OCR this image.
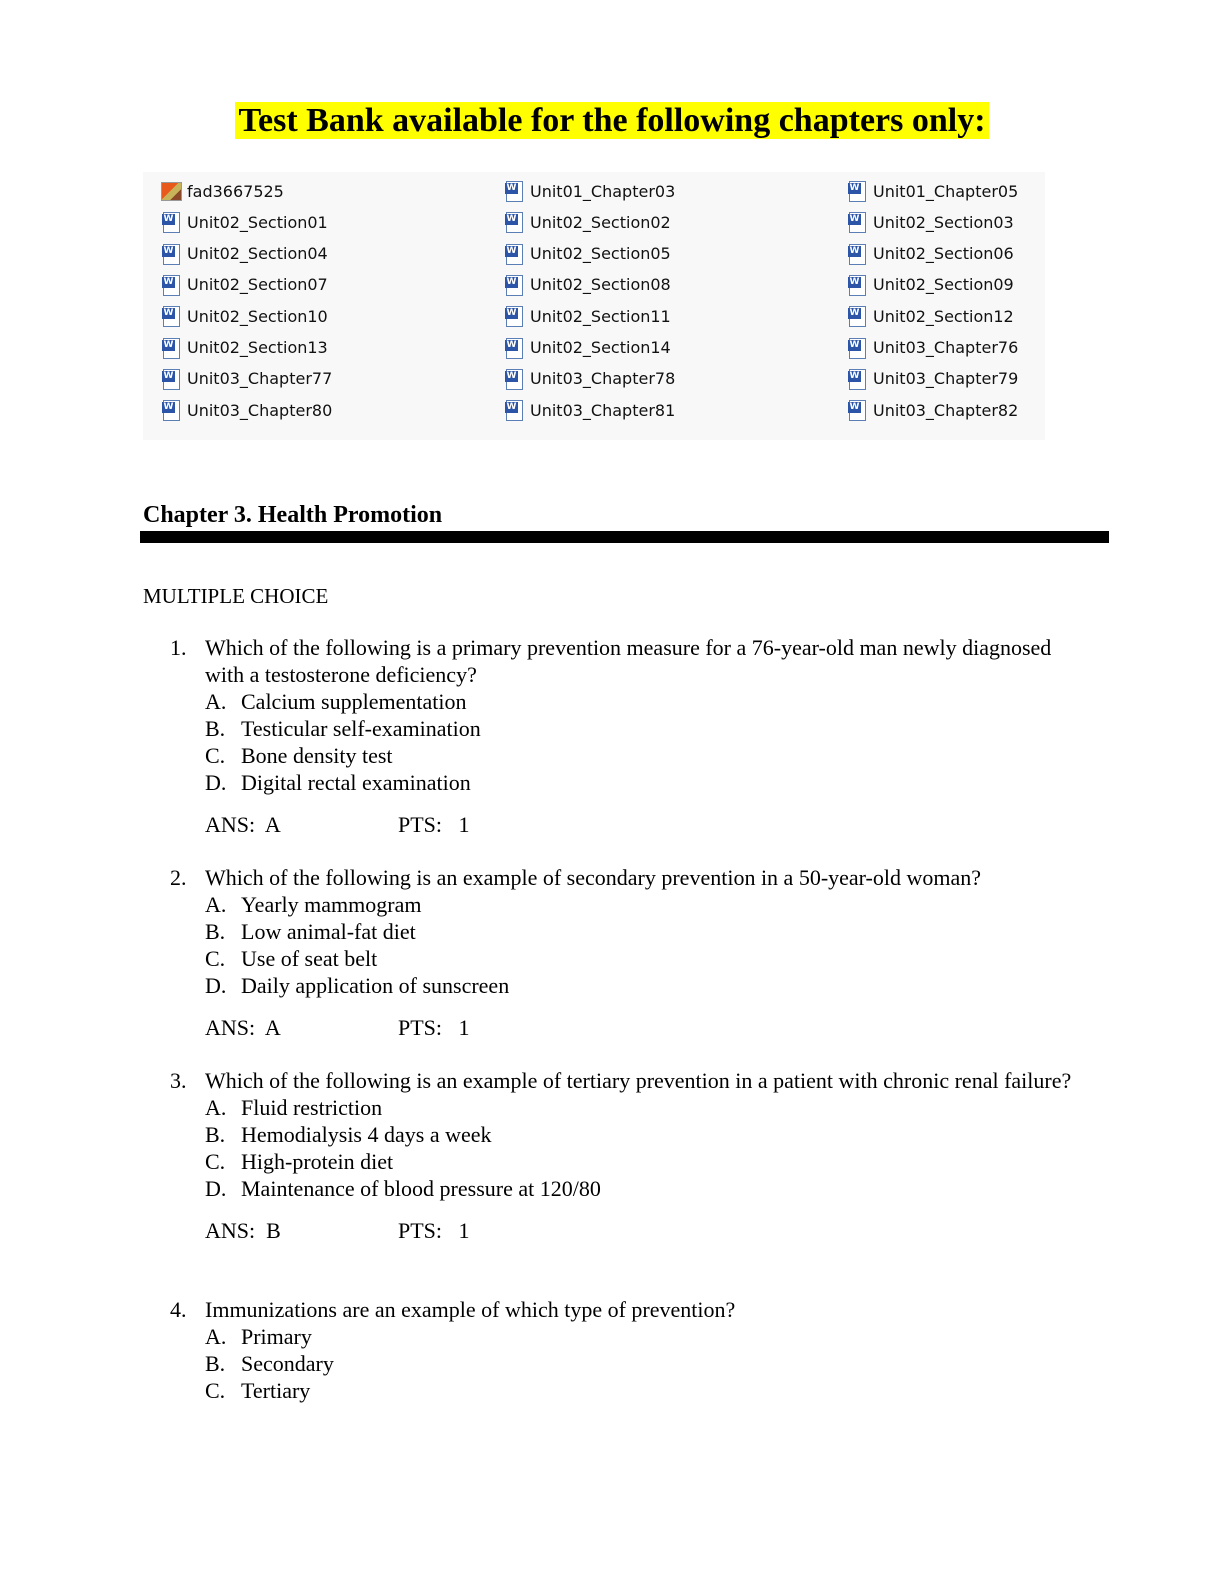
Test Bank available for the following chapters only:
fad3667525 W	Unit01_Chapter03 W	Unit01_Chapter05
W
Unit02_Section01 W	Unit02_Section02 W	Unit02_Section03
W
Unit02_Section04 W	Unit02_Section05 W	Unit02_Section06
W
Unit02_Section07 W	Unit02_Section08 W	Unit02_Section09
W
Unit02_Section10 W	Unit02_Section11 W	Unit02_Section12
W
Unit02_Section13 W	Unit02_Section14 W	Unit03_Chapter76
W
Unit03_Chapter77 W	Unit03_Chapter78 W	Unit03_Chapter79
W
Unit03_Chapter80 W	Unit03_Chapter81 W	Unit03_Chapter82
Chapter 3. Health Promotion
MULTIPLE CHOICE
1. Which of the following is a primary prevention measure for a 76-year-old man newly diagnosed with a testosterone deficiency?
A. Calcium supplementation
B. Testicular self-examination
C. Bone density test
D. Digital rectal examination
ANS:  A	PTS:   1
2. Which of the following is an example of secondary prevention in a 50-year-old woman?
A. Yearly mammogram
B. Low animal-fat diet
C. Use of seat belt
D. Daily application of sunscreen
ANS:  A	PTS:   1
3. Which of the following is an example of tertiary prevention in a patient with chronic renal failure?
A. Fluid restriction
B. Hemodialysis 4 days a week
C. High-protein diet
D. Maintenance of blood pressure at 120/80
ANS:  B	PTS:   1
4. Immunizations are an example of which type of prevention?
A. Primary
B. Secondary
C. Tertiary
